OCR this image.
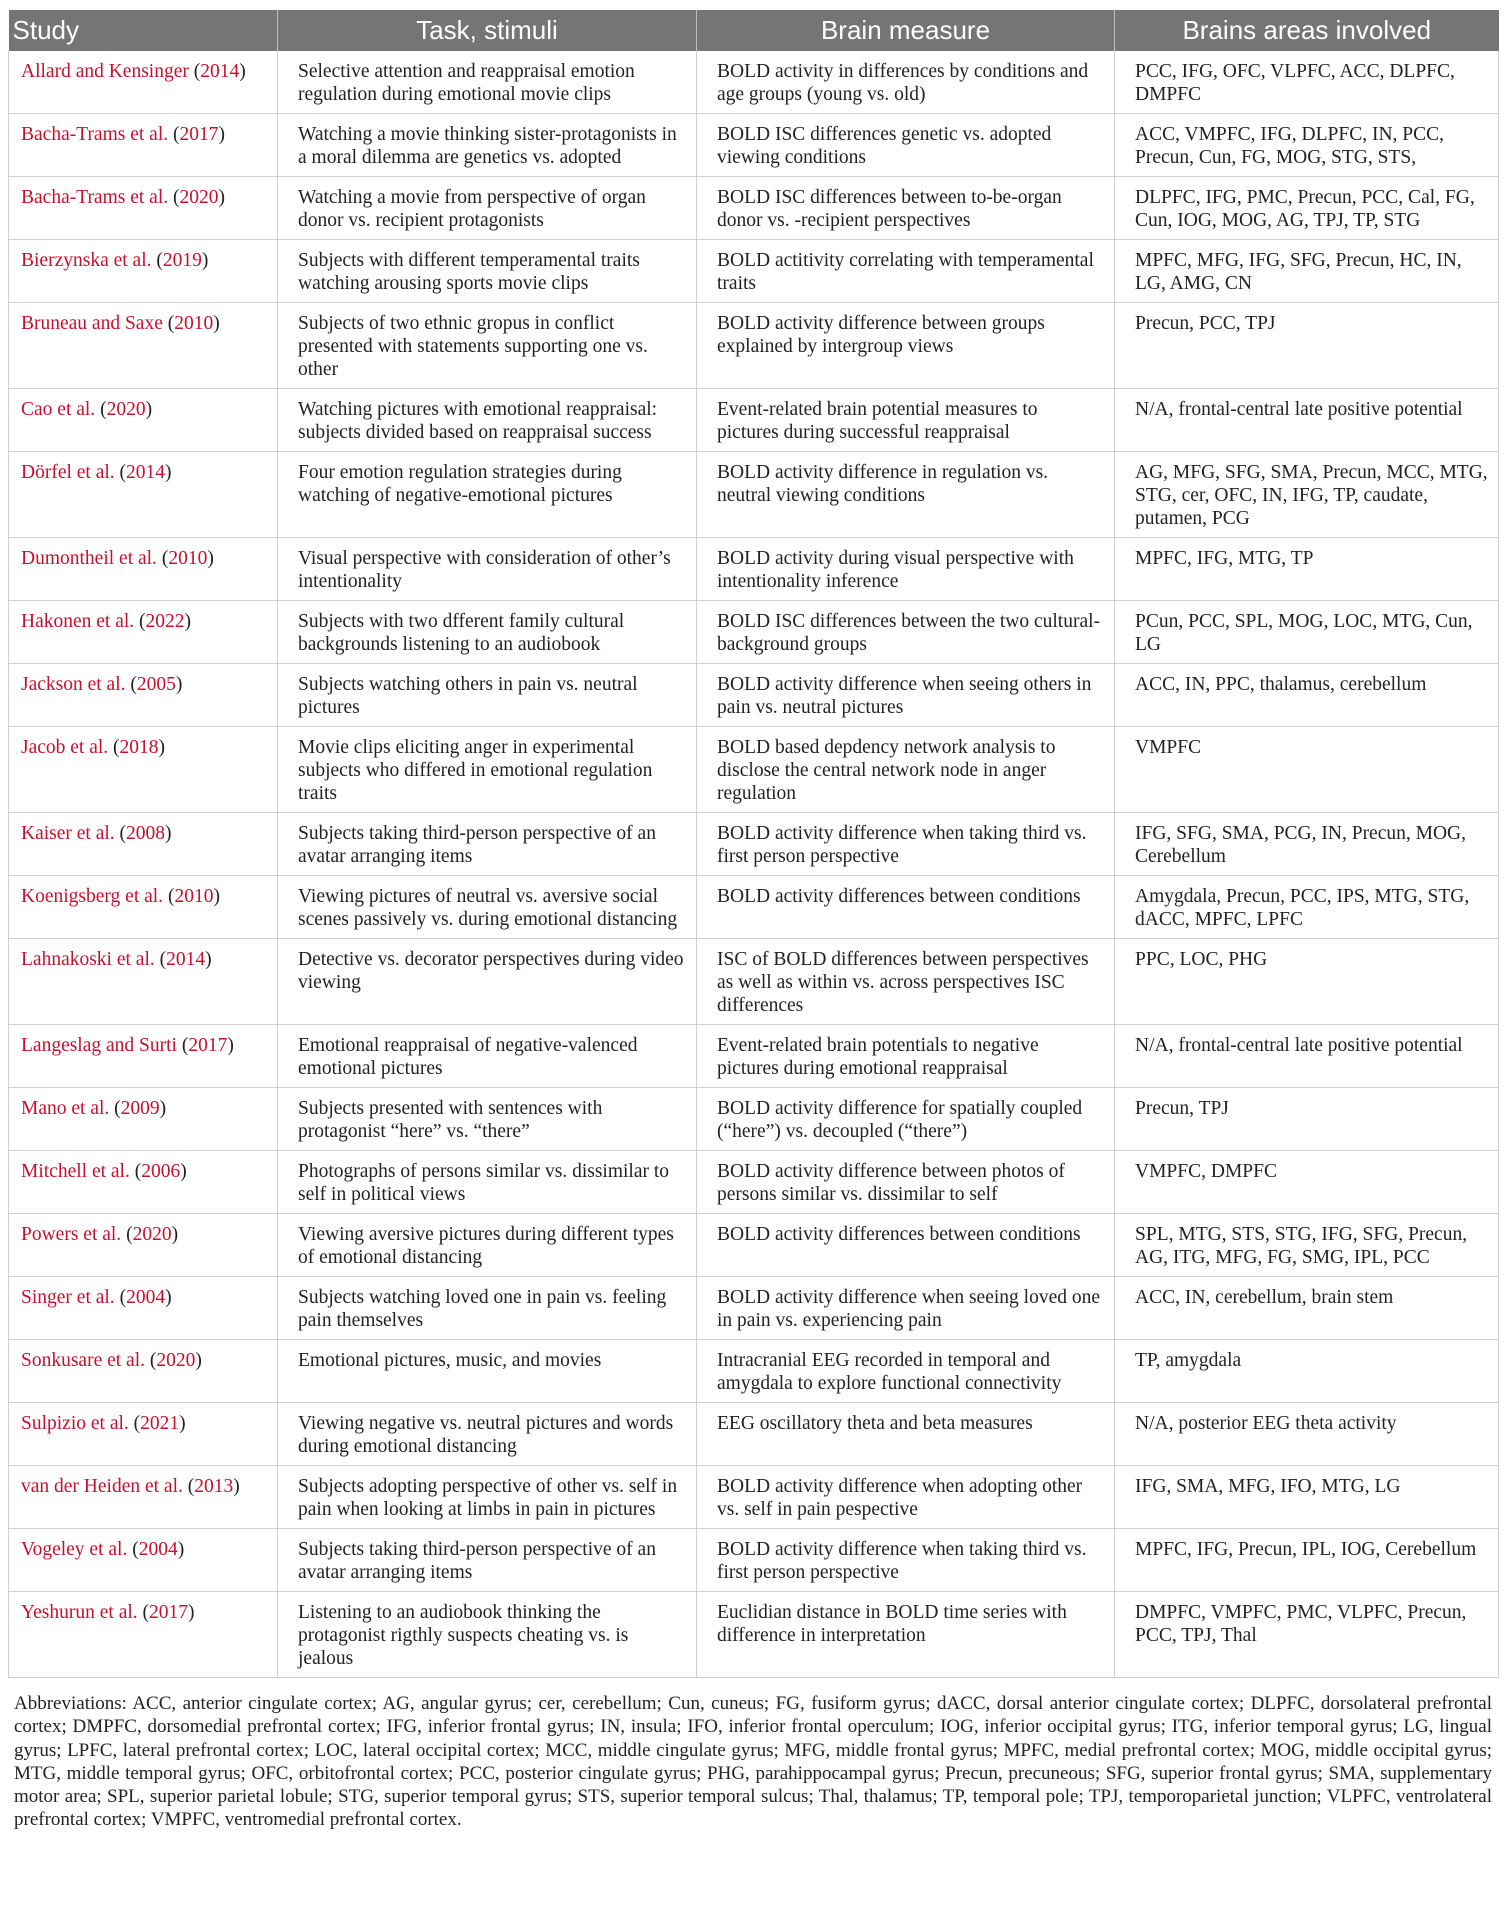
Study	Task, stimuli	Brain measure	Brains areas involved
Allard and Kensinger (2014)	Selective attention and reappraisal emotion regulation during emotional movie clips	BOLD activity in differences by conditions and age groups (young vs. old)	PCC, IFG, OFC, VLPFC, ACC, DLPFC, DMPFC
Bacha-Trams et al. (2017)	Watching a movie thinking sister-protagonists in a moral dilemma are genetics vs. adopted	BOLD ISC differences genetic vs. adopted viewing conditions	ACC, VMPFC, IFG, DLPFC, IN, PCC, Precun, Cun, FG, MOG, STG, STS,
Bacha-Trams et al. (2020)	Watching a movie from perspective of organ donor vs. recipient protagonists	BOLD ISC differences between to-be-organ donor vs. -recipient perspectives	DLPFC, IFG, PMC, Precun, PCC, Cal, FG, Cun, IOG, MOG, AG, TPJ, TP, STG
Bierzynska et al. (2019)	Subjects with different temperamental traits watching arousing sports movie clips	BOLD actitivity correlating with temperamental traits	MPFC, MFG, IFG, SFG, Precun, HC, IN, LG, AMG, CN
Bruneau and Saxe (2010)	Subjects of two ethnic gropus in conflict presented with statements supporting one vs. other	BOLD activity difference between groups explained by intergroup views	Precun, PCC, TPJ
Cao et al. (2020)	Watching pictures with emotional reappraisal: subjects divided based on reappraisal success	Event-related brain potential measures to pictures during successful reappraisal	N/A, frontal-central late positive potential
Dörfel et al. (2014)	Four emotion regulation strategies during watching of negative-emotional pictures	BOLD activity difference in regulation vs. neutral viewing conditions	AG, MFG, SFG, SMA, Precun, MCC, MTG, STG, cer, OFC, IN, IFG, TP, caudate, putamen, PCG
Dumontheil et al. (2010)	Visual perspective with consideration of other’s intentionality	BOLD activity during visual perspective with intentionality inference	MPFC, IFG, MTG, TP
Hakonen et al. (2022)	Subjects with two dfferent family cultural backgrounds listening to an audiobook	BOLD ISC differences between the two cultural-background groups	PCun, PCC, SPL, MOG, LOC, MTG, Cun, LG
Jackson et al. (2005)	Subjects watching others in pain vs. neutral pictures	BOLD activity difference when seeing others in pain vs. neutral pictures	ACC, IN, PPC, thalamus, cerebellum
Jacob et al. (2018)	Movie clips eliciting anger in experimental subjects who differed in emotional regulation traits	BOLD based depdency network analysis to disclose the central network node in anger regulation	VMPFC
Kaiser et al. (2008)	Subjects taking third-person perspective of an avatar arranging items	BOLD activity difference when taking third vs. first person perspective	IFG, SFG, SMA, PCG, IN, Precun, MOG, Cerebellum
Koenigsberg et al. (2010)	Viewing pictures of neutral vs. aversive social scenes passively vs. during emotional distancing	BOLD activity differences between conditions	Amygdala, Precun, PCC, IPS, MTG, STG, dACC, MPFC, LPFC
Lahnakoski et al. (2014)	Detective vs. decorator perspectives during video viewing	ISC of BOLD differences between perspectives as well as within vs. across perspectives ISC differences	PPC, LOC, PHG
Langeslag and Surti (2017)	Emotional reappraisal of negative-valenced emotional pictures	Event-related brain potentials to negative pictures during emotional reappraisal	N/A, frontal-central late positive potential
Mano et al. (2009)	Subjects presented with sentences with protagonist “here” vs. “there”	BOLD activity difference for spatially coupled (“here”) vs. decoupled (“there”)	Precun, TPJ
Mitchell et al. (2006)	Photographs of persons similar vs. dissimilar to self in political views	BOLD activity difference between photos of persons similar vs. dissimilar to self	VMPFC, DMPFC
Powers et al. (2020)	Viewing aversive pictures during different types of emotional distancing	BOLD activity differences between conditions	SPL, MTG, STS, STG, IFG, SFG, Precun, AG, ITG, MFG, FG, SMG, IPL, PCC
Singer et al. (2004)	Subjects watching loved one in pain vs. feeling pain themselves	BOLD activity difference when seeing loved one in pain vs. experiencing pain	ACC, IN, cerebellum, brain stem
Sonkusare et al. (2020)	Emotional pictures, music, and movies	Intracranial EEG recorded in temporal and amygdala to explore functional connectivity	TP, amygdala
Sulpizio et al. (2021)	Viewing negative vs. neutral pictures and words during emotional distancing	EEG oscillatory theta and beta measures	N/A, posterior EEG theta activity
van der Heiden et al. (2013)	Subjects adopting perspective of other vs. self in pain when looking at limbs in pain in pictures	BOLD activity difference when adopting other vs. self in pain pespective	IFG, SMA, MFG, IFO, MTG, LG
Vogeley et al. (2004)	Subjects taking third-person perspective of an avatar arranging items	BOLD activity difference when taking third vs. first person perspective	MPFC, IFG, Precun, IPL, IOG, Cerebellum
Yeshurun et al. (2017)	Listening to an audiobook thinking the protagonist rigthly suspects cheating vs. is jealous	Euclidian distance in BOLD time series with difference in interpretation	DMPFC, VMPFC, PMC, VLPFC, Precun, PCC, TPJ, Thal
Abbreviations: ACC, anterior cingulate cortex; AG, angular gyrus; cer, cerebellum; Cun, cuneus; FG, fusiform gyrus; dACC, dorsal anterior cingulate cortex; DLPFC, dorsolateral prefrontal cortex; DMPFC, dorsomedial prefrontal cortex; IFG, inferior frontal gyrus; IN, insula; IFO, inferior frontal operculum; IOG, inferior occipital gyrus; ITG, inferior temporal gyrus; LG, lingual gyrus; LPFC, lateral prefrontal cortex; LOC, lateral occipital cortex; MCC, middle cingulate gyrus; MFG, middle frontal gyrus; MPFC, medial prefrontal cortex; MOG, middle occipital gyrus; MTG, middle temporal gyrus; OFC, orbitofrontal cortex; PCC, posterior cingulate gyrus; PHG, parahippocampal gyrus; Precun, precuneous; SFG, superior frontal gyrus; SMA, supplementary motor area; SPL, superior parietal lobule; STG, superior temporal gyrus; STS, superior temporal sulcus; Thal, thalamus; TP, temporal pole; TPJ, temporoparietal junction; VLPFC, ventrolateral prefrontal cortex; VMPFC, ventromedial prefrontal cortex.
